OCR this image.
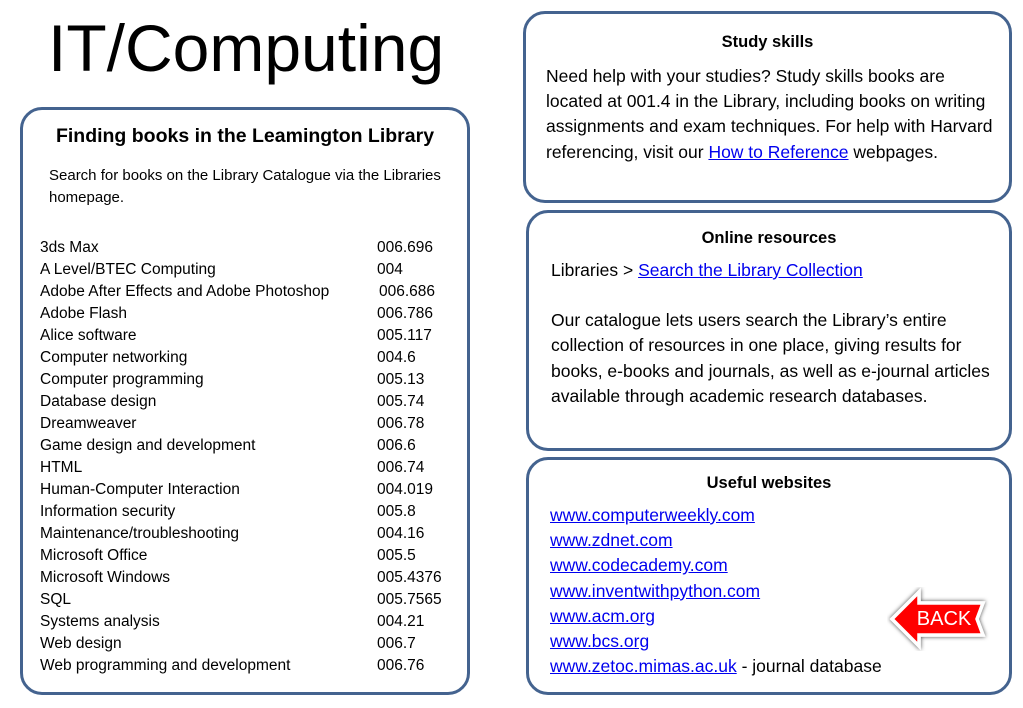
IT/Computing
Finding books in the Leamington Library
Search for books on the Library Catalogue via the Libraries homepage.
3ds Max	006.696
A Level/BTEC Computing	004
Adobe After Effects and Adobe Photoshop	006.686
Adobe Flash	006.786
Alice software	005.117
Computer networking	004.6
Computer programming	005.13
Database design	005.74
Dreamweaver	006.78
Game design and development	006.6
HTML	006.74
Human-Computer Interaction	004.019
Information security	005.8
Maintenance/troubleshooting	004.16
Microsoft Office	005.5
Microsoft Windows	005.4376
SQL	005.7565
Systems analysis	004.21
Web design	006.7
Web programming and development	006.76
Study skills
Need help with your studies? Study skills books are located at 001.4 in the Library, including books on writing assignments and exam techniques. For help with Harvard referencing, visit our How to Reference webpages.
Online resources
Libraries > Search the Library Collection
Our catalogue lets users search the Library’s entire collection of resources in one place, giving results for books, e-books and journals, as well as e-journal articles available through academic research databases.
Useful websites
www.computerweekly.com
www.zdnet.com
www.codecademy.com
www.inventwithpython.com
www.acm.org
www.bcs.org
www.zetoc.mimas.ac.uk - journal database
BACK
